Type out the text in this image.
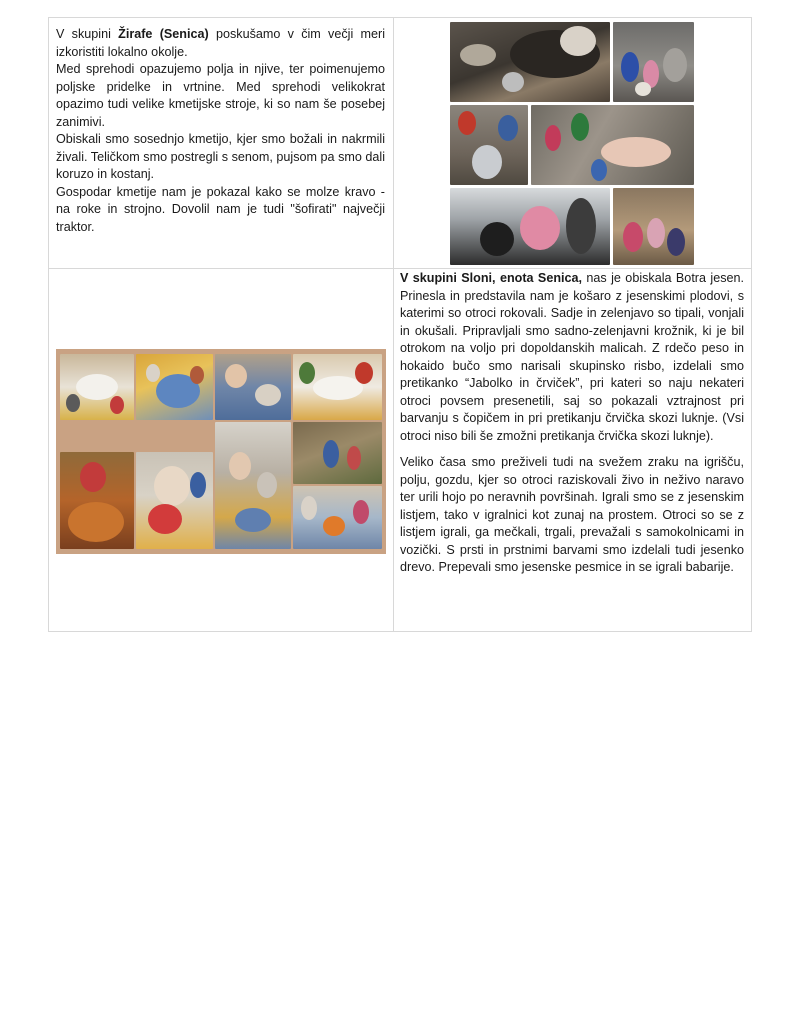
V skupini Žirafe (Senica) poskušamo v čim večji meri izkoristiti lokalno okolje.

Med sprehodi opazujemo polja in njive, ter poimenujemo poljske pridelke in vrtnine. Med sprehodi velikokrat opazimo tudi velike kmetijske stroje, ki so nam še posebej zanimivi.

Obiskali smo sosednjo kmetijo, kjer smo božali in nakrmili živali. Teličkom smo postregli s senom, pujsom pa smo dali koruzo in kostanj.

Gospodar kmetije nam je pokazal kako se molze kravo - na roke in strojno. Dovolil nam je tudi "šofirati" največji traktor.

V skupini Sloni, enota Senica, nas je obiskala Botra jesen. Prinesla in predstavila nam je košaro z jesenskimi plodovi, s katerimi so otroci rokovali. Sadje in zelenjavo so tipali, vonjali in okušali. Pripravljali smo sadno-zelenjavni krožnik, ki je bil otrokom na voljo pri dopoldanskih malicah. Z rdečo peso in hokaido bučo smo narisali skupinsko risbo, izdelali smo pretikanko “Jabolko in črviček”, pri kateri so naju nekateri otroci povsem presenetili, saj so pokazali vztrajnost pri barvanju s čopičem in pri pretikanju črvička skozi luknje. (Vsi otroci niso bili še zmožni pretikanja črvička skozi luknje).

Veliko časa smo preživeli tudi na svežem zraku na igrišču, polju, gozdu, kjer so otroci raziskovali živo in neživo naravo ter urili hojo po neravnih površinah. Igrali smo se z jesenskim listjem, tako v igralnici kot zunaj na prostem. Otroci so se z listjem igrali, ga mečkali, trgali, prevažali s samokolnicami in vozički. S prsti in prstnimi barvami smo izdelali tudi jesenko drevo. Prepevali smo jesenske pesmice in se igrali babarije.
